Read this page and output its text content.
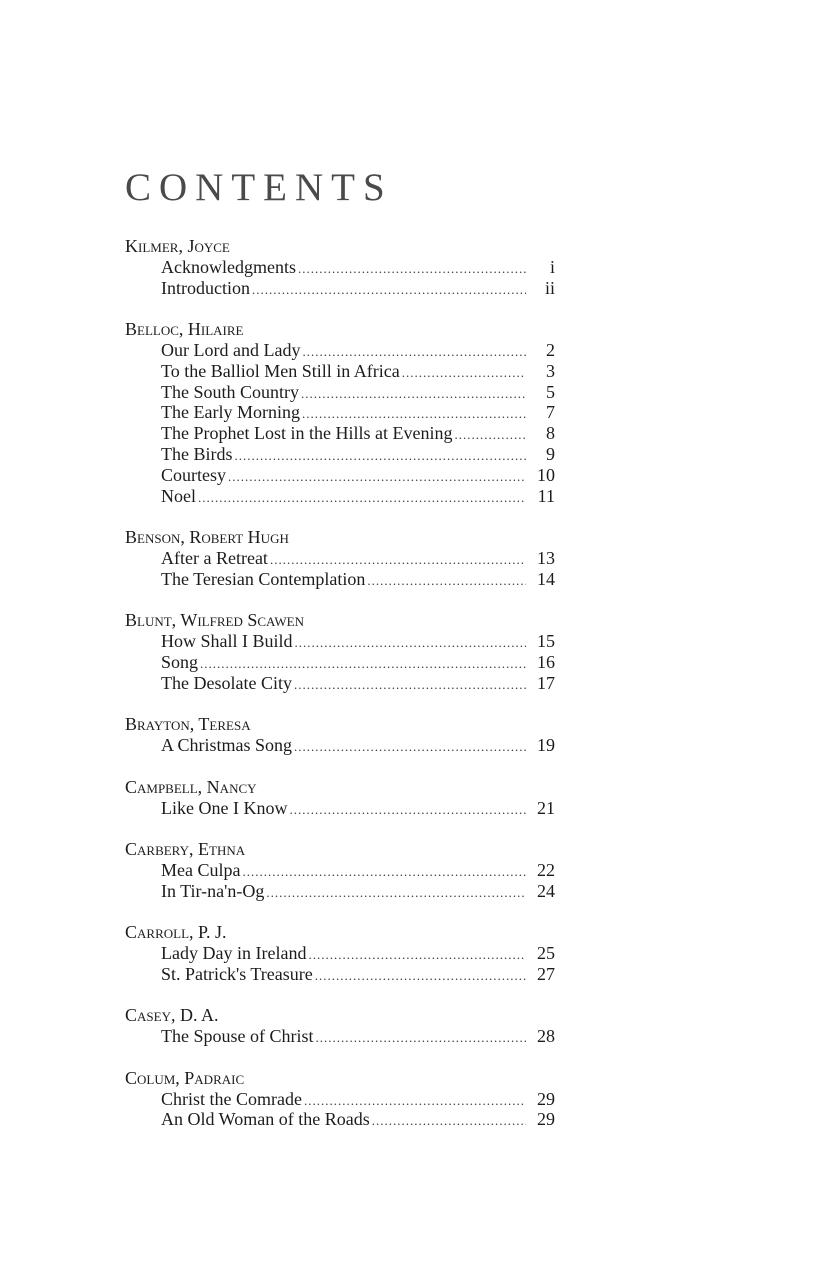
CONTENTS
Kilmer, Joyce
Acknowledgments .....	i
Introduction .....	ii
Belloc, Hilaire
Our Lord and Lady .....	2
To the Balliol Men Still in Africa .....	3
The South Country .....	5
The Early Morning .....	7
The Prophet Lost in the Hills at Evening .....	8
The Birds .....	9
Courtesy .....	10
Noel .....	11
Benson, Robert Hugh
After a Retreat .....	13
The Teresian Contemplation .....	14
Blunt, Wilfred Scawen
How Shall I Build .....	15
Song .....	16
The Desolate City .....	17
Brayton, Teresa
A Christmas Song .....	19
Campbell, Nancy
Like One I Know .....	21
Carbery, Ethna
Mea Culpa .....	22
In Tir-na'n-Og .....	24
Carroll, P. J.
Lady Day in Ireland .....	25
St. Patrick's Treasure .....	27
Casey, D. A.
The Spouse of Christ .....	28
Colum, Padraic
Christ the Comrade .....	29
An Old Woman of the Roads .....	29
